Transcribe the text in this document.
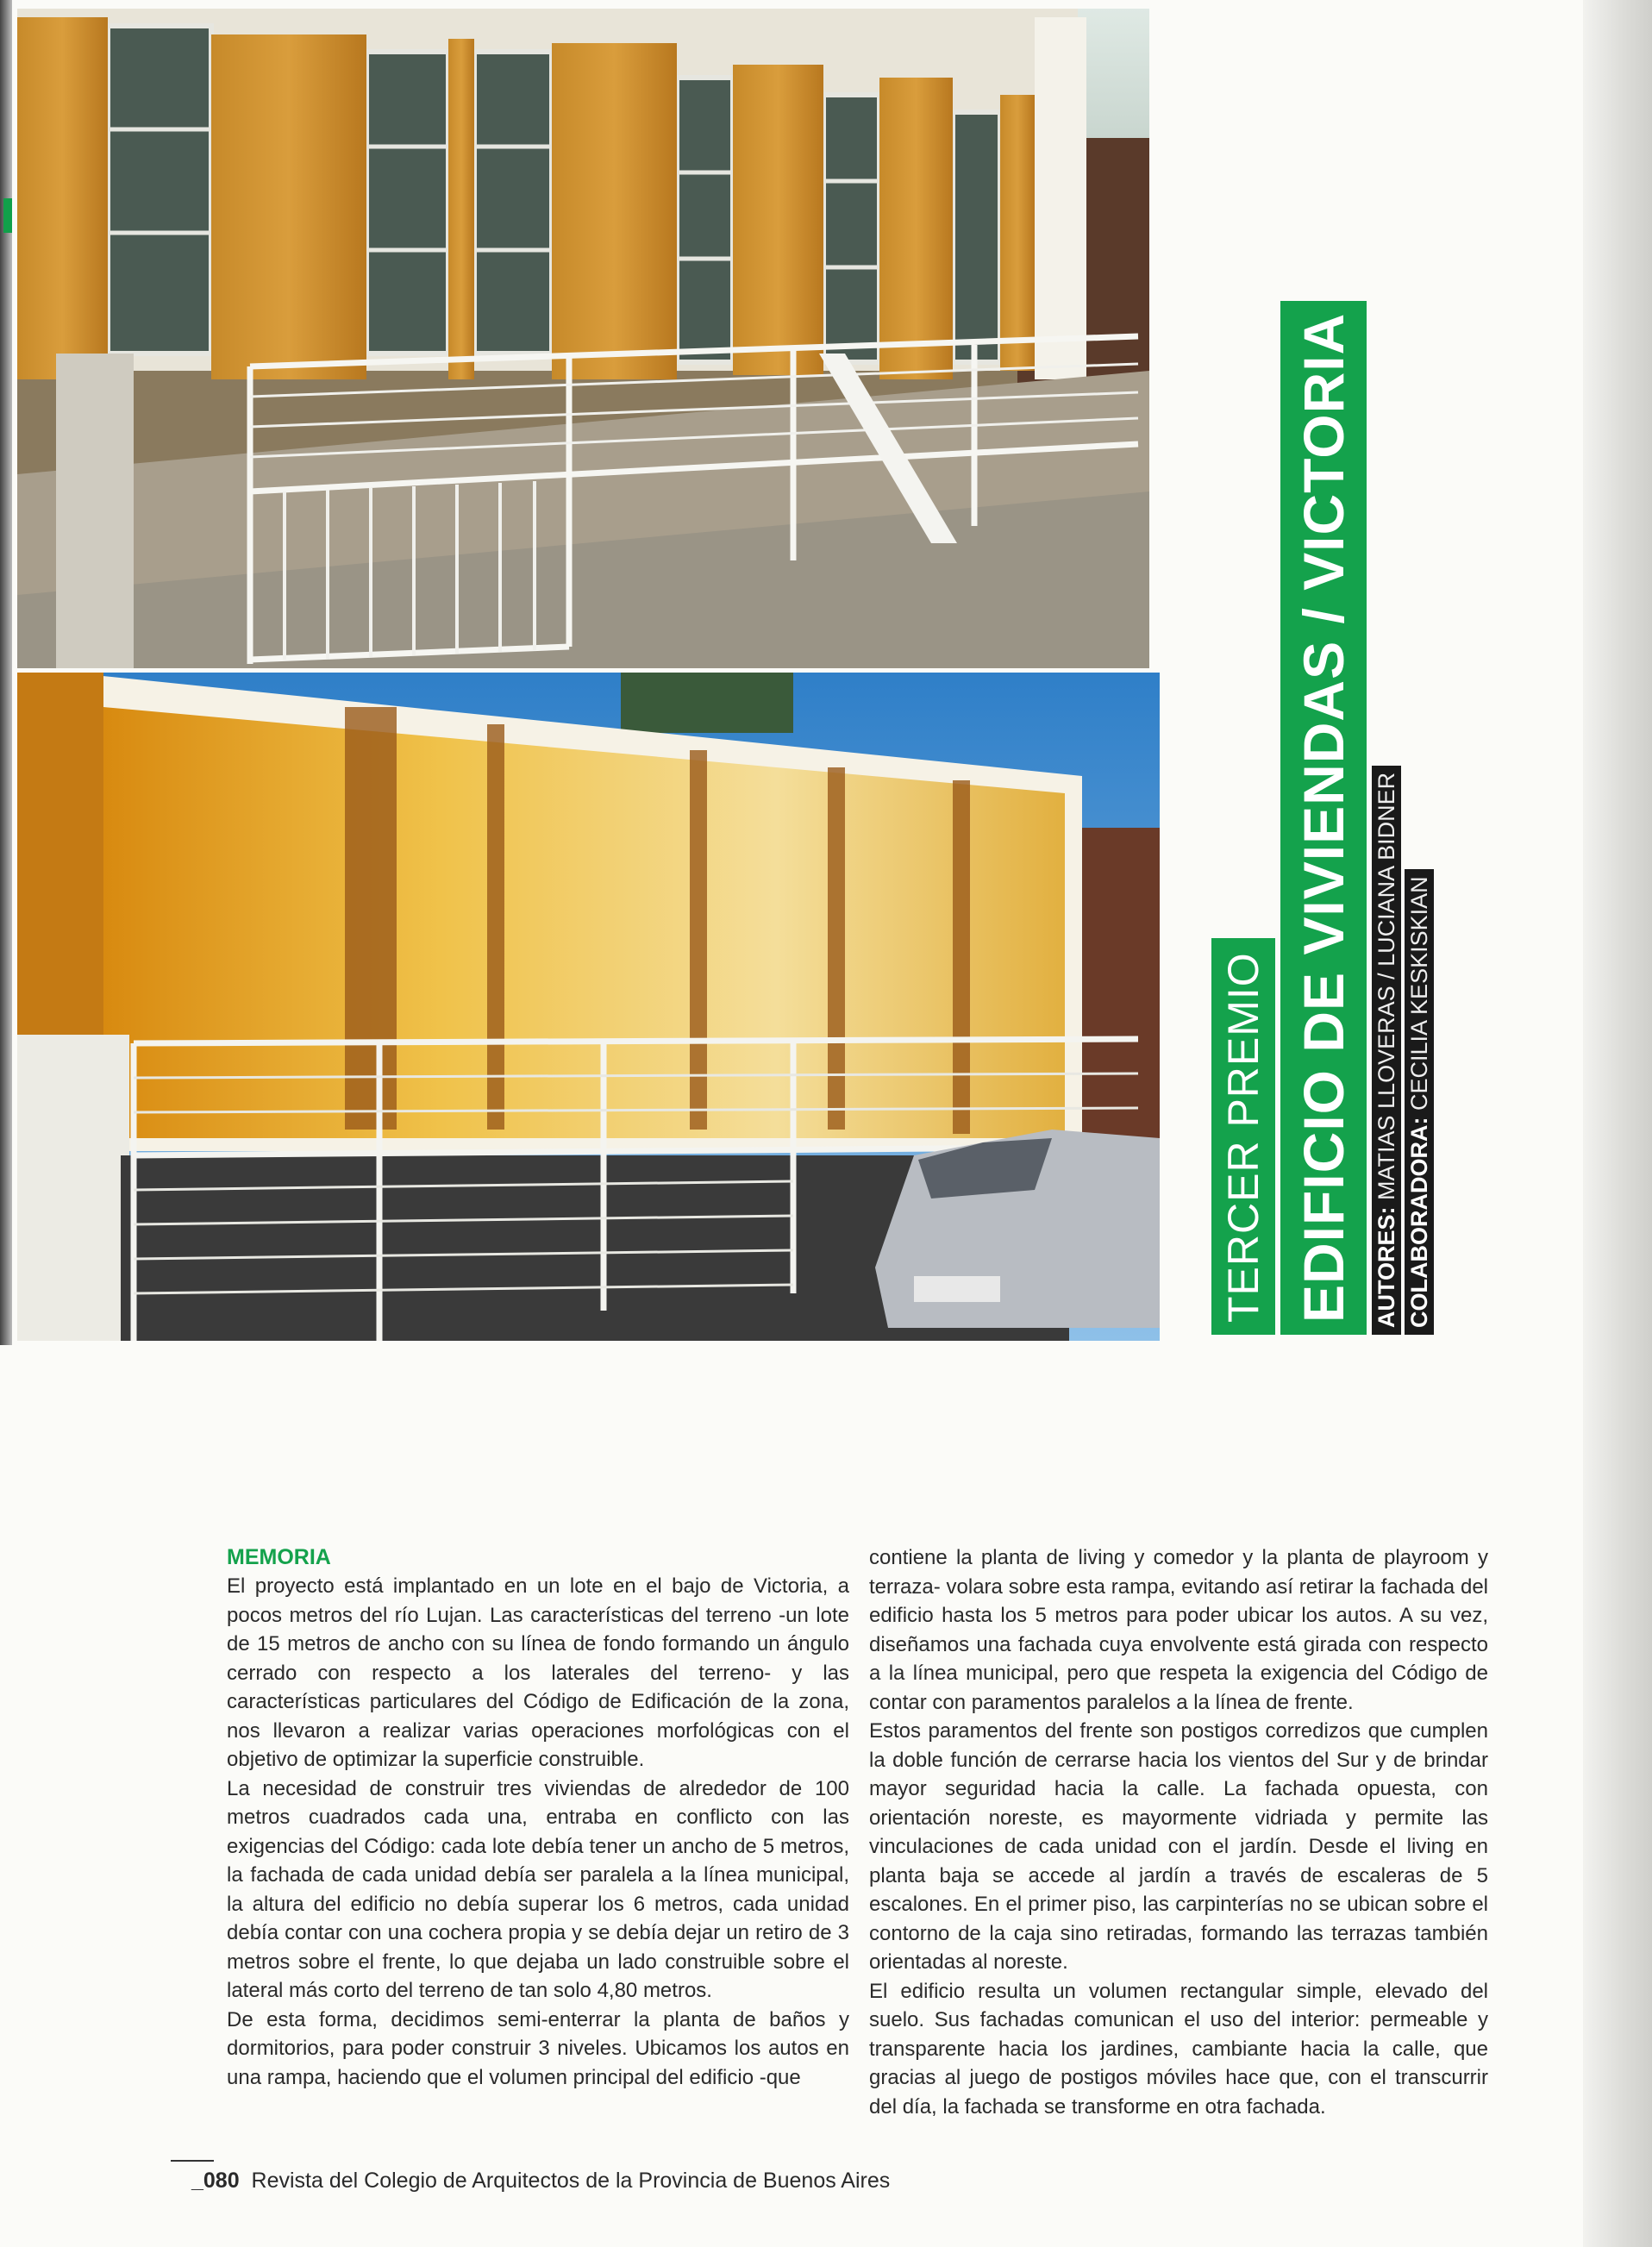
TERCER PREMIO EDIFICIO DE VIVIENDAS / VICTORIA AUTORES: MATIAS LLOVERAS / LUCIANA BIDNER
COLABORADORA: CECILIA KESKISKIAN

MEMORIA

El proyecto está implantado en un lote en el bajo de Victoria, a pocos metros del río Lujan. Las características del terreno -un lote de 15 metros de ancho con su línea de fondo formando un ángulo cerrado con respecto a los laterales del terreno- y las características particulares del Código de Edificación de la zona, nos llevaron a realizar varias operaciones morfológicas con el objetivo de optimizar la superficie construible.

La necesidad de construir tres viviendas de alrededor de 100 metros cuadrados cada una, entraba en conflicto con las exigencias del Código: cada lote debía tener un ancho de 5 metros, la fachada de cada unidad debía ser paralela a la línea municipal, la altura del edificio no debía superar los 6 metros, cada unidad debía contar con una cochera propia y se debía dejar un retiro de 3 metros sobre el frente, lo que dejaba un lado construible sobre el lateral más corto del terreno de tan solo 4,80 metros.

De esta forma, decidimos semi-enterrar la planta de baños y dormitorios, para poder construir 3 niveles. Ubicamos los autos en una rampa, haciendo que el volumen principal del edificio -que

contiene la planta de living y comedor y la planta de playroom y terraza- volara sobre esta rampa, evitando así retirar la fachada del edificio hasta los 5 metros para poder ubicar los autos. A su vez, diseñamos una fachada cuya envolvente está girada con respecto a la línea municipal, pero que respeta la exigencia del Código de contar con paramentos paralelos a la línea de frente.

Estos paramentos del frente son postigos corredizos que cumplen la doble función de cerrarse hacia los vientos del Sur y de brindar mayor seguridad hacia la calle. La fachada opuesta, con orientación noreste, es mayormente vidriada y permite las vinculaciones de cada unidad con el jardín. Desde el living en planta baja se accede al jardín a través de escaleras de 5 escalones. En el primer piso, las carpinterías no se ubican sobre el contorno de la caja sino retiradas, formando las terrazas también orientadas al noreste.

El edificio resulta un volumen rectangular simple, elevado del suelo. Sus fachadas comunican el uso del interior: permeable y transparente hacia los jardines, cambiante hacia la calle, que gracias al juego de postigos móviles hace que, con el transcurrir del día, la fachada se transforme en otra fachada.

_080 Revista del Colegio de Arquitectos de la Provincia de Buenos Aires
